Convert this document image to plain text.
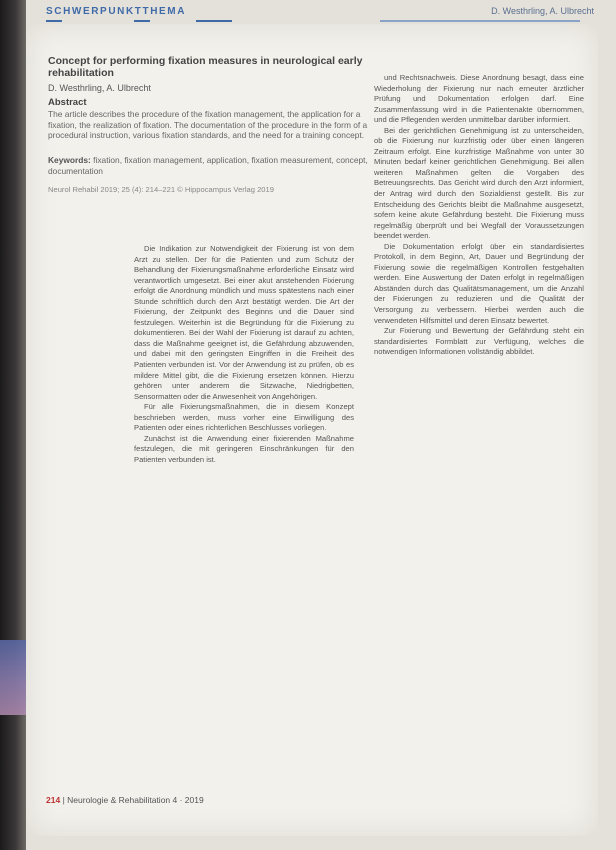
SCHWERPUNKTTHEMA	D. Westhrling, A. Ulbrecht
Concept for performing fixation measures in neurological early rehabilitation
D. Westhrling, A. Ulbrecht
Abstract
The article describes the procedure of the fixation management, the application for a fixation, the realization of fixation. The documentation of the procedure in the form of a procedural instruction, various fixation standards, and the need for a training concept.
Keywords: fixation, fixation management, application, fixation measurement, concept, documentation
Neurol Rehabil 2019; 25 (4): 214–221 © Hippocampus Verlag 2019

Die Indikation zur Notwendigkeit der Fixierung ist von dem Arzt zu stellen. Der für die Patienten und zum Schutz der Behandlung der Fixierungsmaßnahme erforderliche Einsatz wird verantwortlich umgesetzt. Bei einer akut anstehenden Fixierung erfolgt die Anordnung mündlich und muss spätestens nach einer Stunde schriftlich durch den Arzt bestätigt werden. Die Art der Fixierung, der Zeitpunkt des Beginns und die Dauer sind festzulegen. Weiterhin ist die Begründung für die Fixierung zu dokumentieren. Bei der Wahl der Fixierung ist darauf zu achten, dass die Maßnahme geeignet ist, die Gefährdung abzuwenden, und dabei mit den geringsten Eingriffen in die Freiheit des Patienten verbunden ist. Vor der Anwendung ist zu prüfen, ob es mildere Mittel gibt, die die Fixierung ersetzen können. Hierzu gehören unter anderem die Sitzwache, Niedrigbetten, Sensormatten oder die Anwesenheit von Angehörigen.

Für alle Fixierungsmaßnahmen, die in diesem Konzept beschrieben werden, muss vorher eine Einwilligung des Patienten oder eines richterlichen Beschlusses vorliegen.

Zunächst ist die Anwendung einer fixierenden Maßnahme festzulegen, die mit geringeren Einschränkungen für den Patienten verbunden ist.

und Rechtsnachweis. Diese Anordnung besagt, dass eine Wiederholung der Fixierung nur nach erneuter ärztlicher Prüfung und Dokumentation erfolgen darf. Eine Zusammenfassung wird in die Patientenakte übernommen, und die Pflegenden werden unmittelbar darüber informiert.

Bei der gerichtlichen Genehmigung ist zu unterscheiden, ob die Fixierung nur kurzfristig oder über einen längeren Zeitraum erfolgt. Eine kurzfristige Maßnahme von unter 30 Minuten bedarf keiner gerichtlichen Genehmigung. Bei allen weiteren Maßnahmen gelten die Vorgaben des Betreuungsrechts. Das Gericht wird durch den Arzt informiert, der Antrag wird durch den Sozialdienst gestellt. Bis zur Entscheidung des Gerichts bleibt die Maßnahme ausgesetzt, sofern keine akute Gefährdung besteht. Die Fixierung muss regelmäßig überprüft und bei Wegfall der Voraussetzungen beendet werden.

Die Dokumentation erfolgt über ein standardisiertes Protokoll, in dem Beginn, Art, Dauer und Begründung der Fixierung sowie die regelmäßigen Kontrollen festgehalten werden. Eine Auswertung der Daten erfolgt in regelmäßigen Abständen durch das Qualitätsmanagement, um die Anzahl der Fixierungen zu reduzieren und die Qualität der Versorgung zu verbessern. Hierbei werden auch die verwendeten Hilfsmittel und deren Einsatz bewertet.

Zur Fixierung und Bewertung der Gefährdung steht ein standardisiertes Formblatt zur Verfügung, welches die notwendigen Informationen vollständig abbildet.

214 | Neurologie & Rehabilitation 4 · 2019
